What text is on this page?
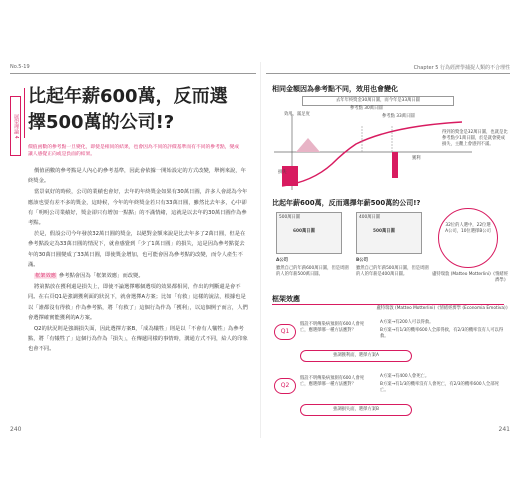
No.5-19
展望理論 4
比起年薪600萬，反而選擇500萬的公司!?
價值函數的參考點一旦變化，即使是相同的結果，也會因為不同的評價基準而有不同的參考點，變成讓人感覺正向或是負面的結果。

價值函數的參考點是人內心的參考基準，因此會依據一開始設定的方式改變，舉例來說，年終獎金。

當景氣好的時候，公司的業績也會好，去年的年終獎金如果有30萬日圓，許多人會認為今年應該也要有差不多的獎金，這時候，今年的年終獎金若只有33萬日圓，雖然比去年多，心中卻有「明明公司業績好，獎金卻只有增加一點點」的不滿情緒，這就是以去年的30萬日圓作為參考點。

於是，假設公司今年發放32萬日圓的獎金，以絕對金額來說是比去年多了2萬日圓，但是在參考點設定為33萬日圓的情況下，就會感覺到「少了1萬日圓」的損失，這是因為參考點從去年的30萬日圓變成了33萬日圓，即使獎金增加，也可能會因為參考點的改變，而令人產生不滿。

框架效應 參考點會因為「框架效應」而改變。

將第點放在獲利還是損失上，即使不論選擇哪個選項的效果都相同，作出的判斷還是會不同。在右頁Q1是強調獲利面的狀況下，就會選擇A方案；比如「有救」這樣的說法，根據也是以「誰都沒有得救」作為參考點，將「有救了」這個行為作為「獲利」，以這個例子而言，人們會選擇確實能獲利的A方案。

Q2的狀況則是強調損失面，因此選擇方案B，「成為犧牲」則是以「不會有人犧牲」為參考點，將「有犧牲了」這個行為作為「損失」，在傳遞同樣的事情時，溝通方式不同，給人的印象也會不同。

240
Chapter 5 行為經濟學捕捉人類的不合理性
相同金額因為參考點不同，效用也會變化
去年年終獎金30萬日圓，而今年是33萬日圓
效用、滿足度
參考點 30萬日圓
參考點 33萬日圓
損失
獲利
得到的獎金是32萬日圓，也就是比參考點少1萬日圓，於是就會變成損失，主觀上會感到不滿。
比起年薪600萬，反而選擇年薪500萬的公司!?
500萬日圓
600萬日圓
400萬日圓
500萬日圓
32位的人選中，22位選A公司，10位選擇B公司
A公司
雖然自己的年薪600萬日圓，但是周圍的人的年薪500萬日圓。
B公司
雖然自己的年薪500萬日圓，但是周圍的人的年薪是400萬日圓。	盧特瑞敦 (Matteo Motterlini)《情緒經濟學》
框架效應
盧特瑞敦 (Matteo Motterlini)《情緒經濟學 (Economia Emotiva)》
Q1
假設不明傳染病預測有600人會死亡，應選擇哪一種方法應對？
A方案→有200人可以得救。
B方案→有1/3的機率600人全部得救，有2/3的機率沒有人可以得救。
強調獲利面，選擇方案A
Q2
假設不明傳染病預測有600人會死亡，應選擇哪一種方法應對？
A方案→有400人會死亡。
B方案→有1/3的機率沒有人會死亡，有2/3的機率600人全部死亡。
強調損失面，選擇方案B
241
